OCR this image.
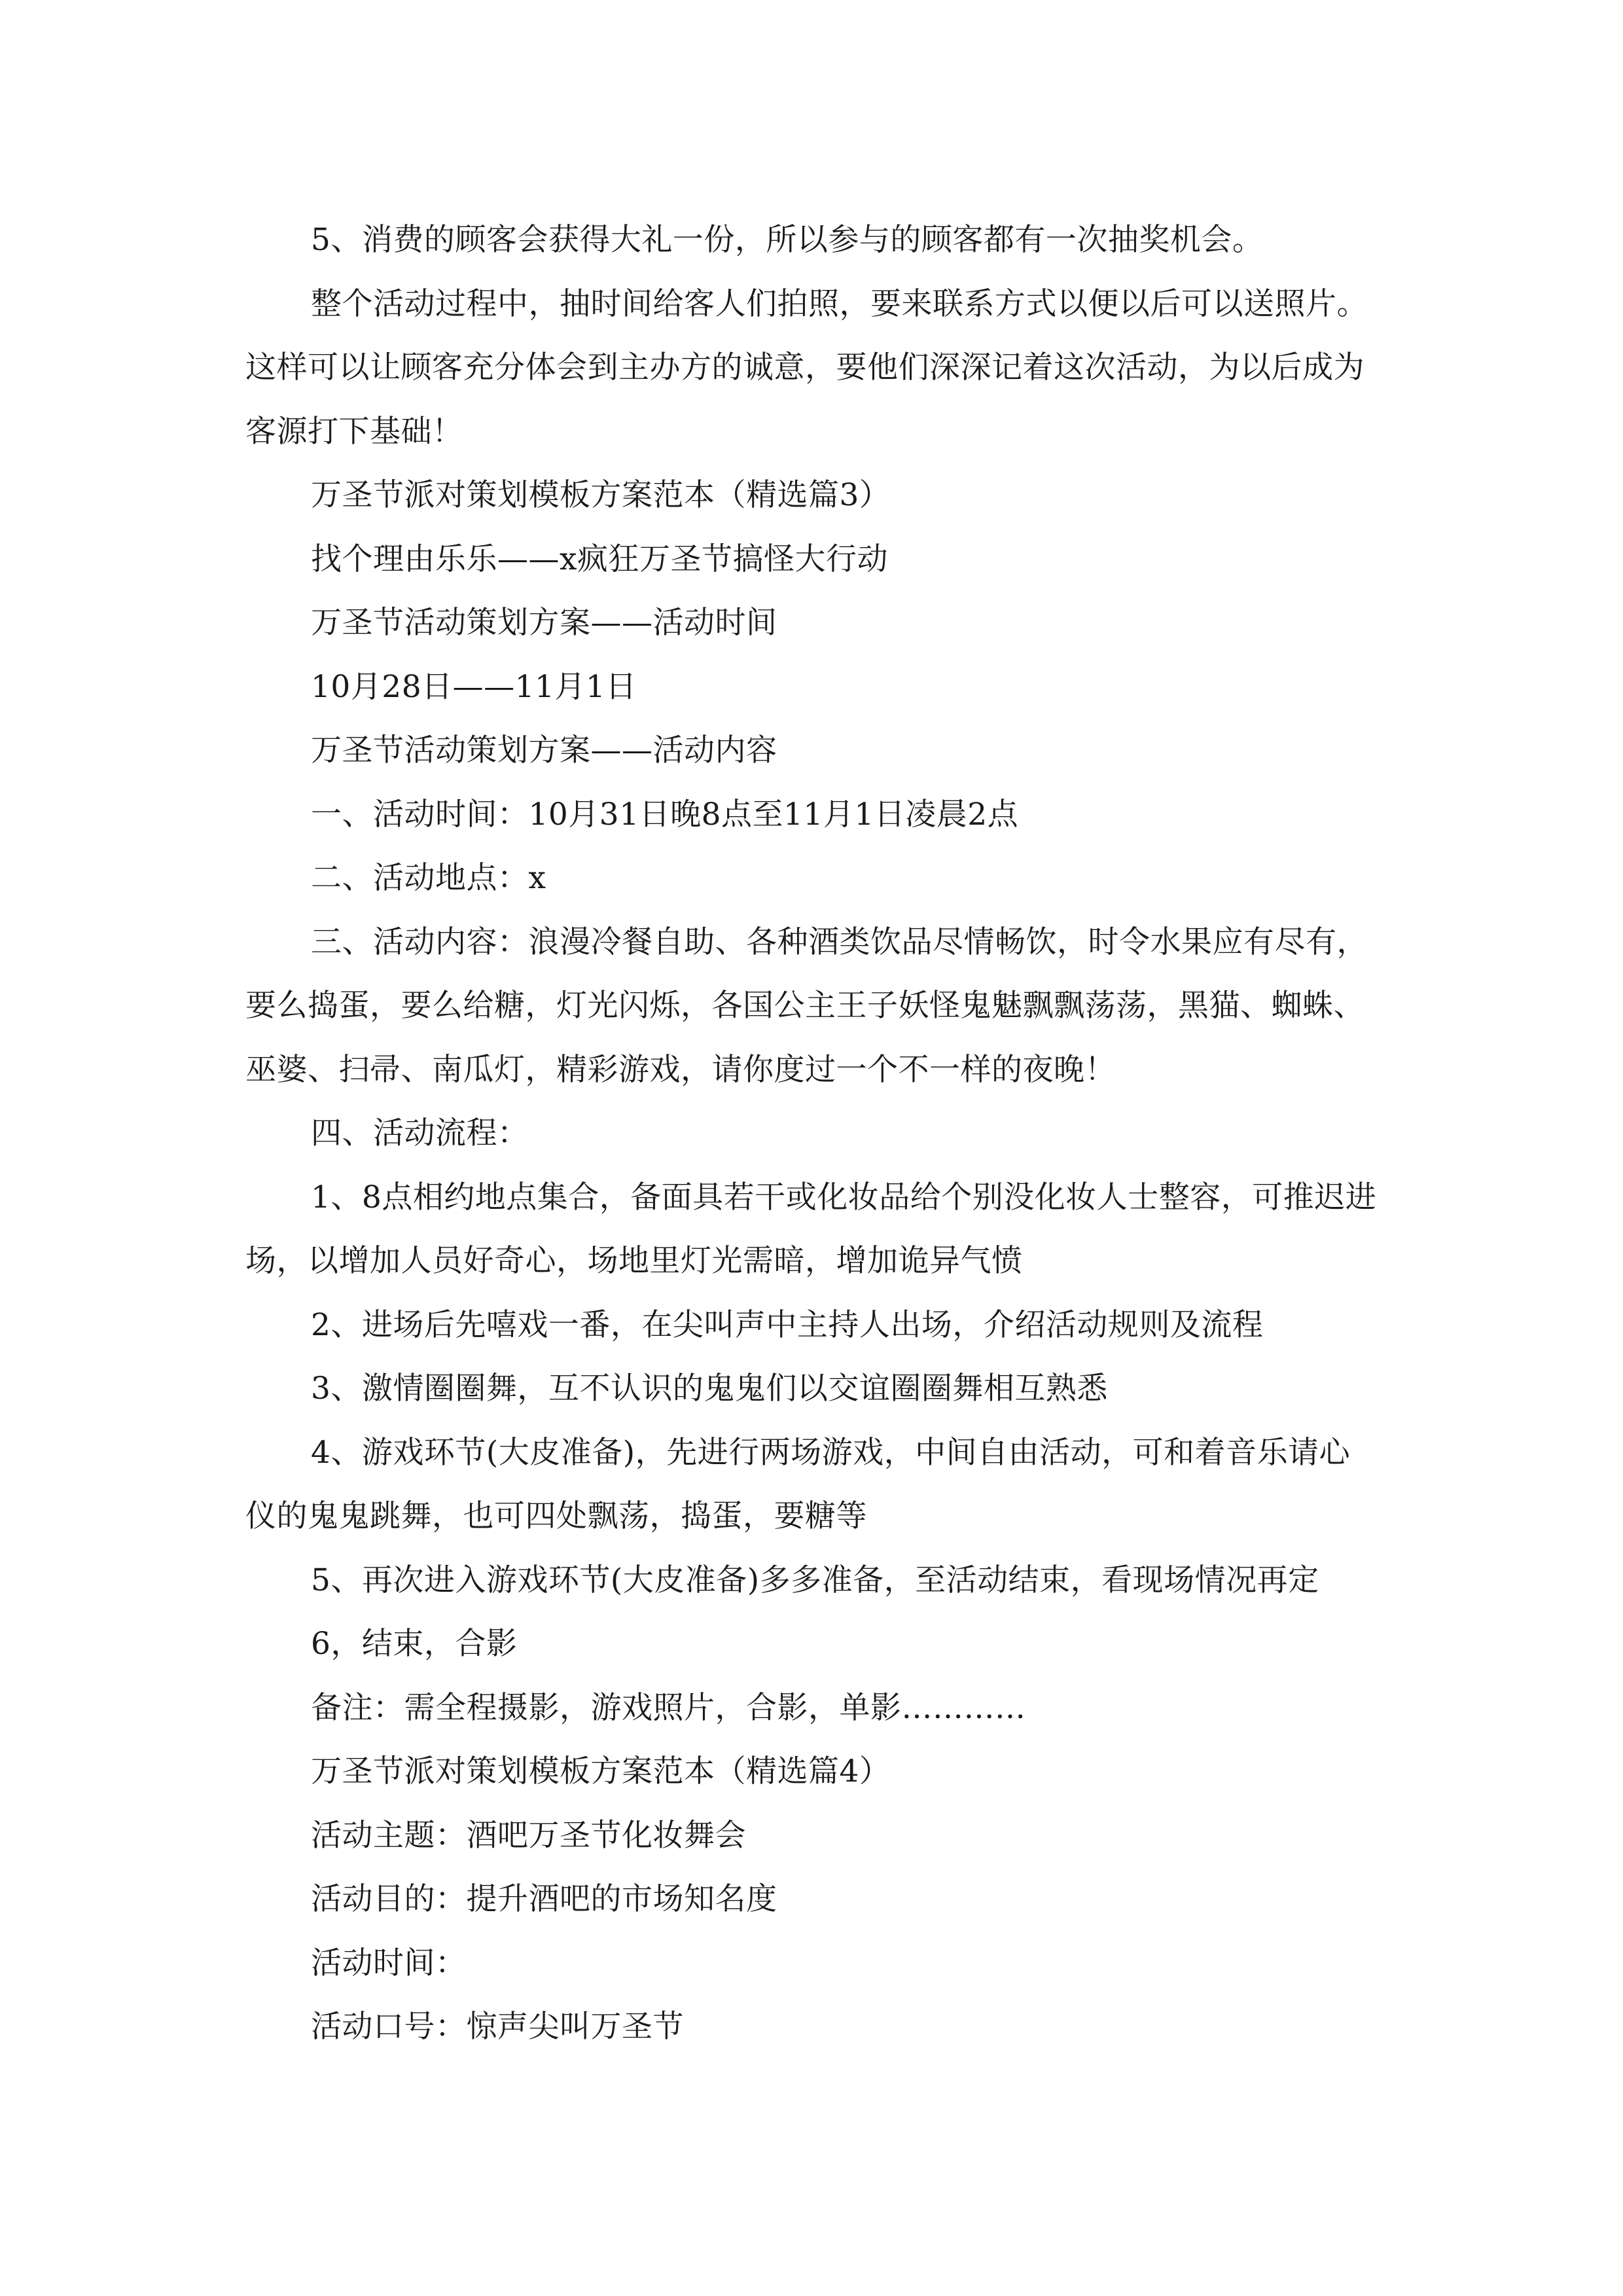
5、消费的顾客会获得大礼一份，所以参与的顾客都有一次抽奖机会。

整个活动过程中，抽时间给客人们拍照，要来联系方式以便以后可以送照片。这样可以让顾客充分体会到主办方的诚意，要他们深深记着这次活动，为以后成为客源打下基础！

万圣节派对策划模板方案范本（精选篇3）

找个理由乐乐——x疯狂万圣节搞怪大行动

万圣节活动策划方案——活动时间

10月28日——11月1日

万圣节活动策划方案——活动内容

一、活动时间：10月31日晚8点至11月1日凌晨2点

二、活动地点：x

三、活动内容：浪漫冷餐自助、各种酒类饮品尽情畅饮，时令水果应有尽有，要么捣蛋，要么给糖，灯光闪烁，各国公主王子妖怪鬼魅飘飘荡荡，黑猫、蜘蛛、巫婆、扫帚、南瓜灯，精彩游戏，请你度过一个不一样的夜晚！

四、活动流程：

1、8点相约地点集合，备面具若干或化妆品给个别没化妆人士整容，可推迟进场，以增加人员好奇心，场地里灯光需暗，增加诡异气愤

2、进场后先嘻戏一番，在尖叫声中主持人出场，介绍活动规则及流程

3、激情圈圈舞，互不认识的鬼鬼们以交谊圈圈舞相互熟悉

4、游戏环节(大皮准备)，先进行两场游戏，中间自由活动，可和着音乐请心仪的鬼鬼跳舞，也可四处飘荡，捣蛋，要糖等

5、再次进入游戏环节(大皮准备)多多准备，至活动结束，看现场情况再定

6，结束，合影

备注：需全程摄影，游戏照片，合影，单影…………

万圣节派对策划模板方案范本（精选篇4）

活动主题：酒吧万圣节化妆舞会

活动目的：提升酒吧的市场知名度

活动时间：

活动口号：惊声尖叫万圣节
